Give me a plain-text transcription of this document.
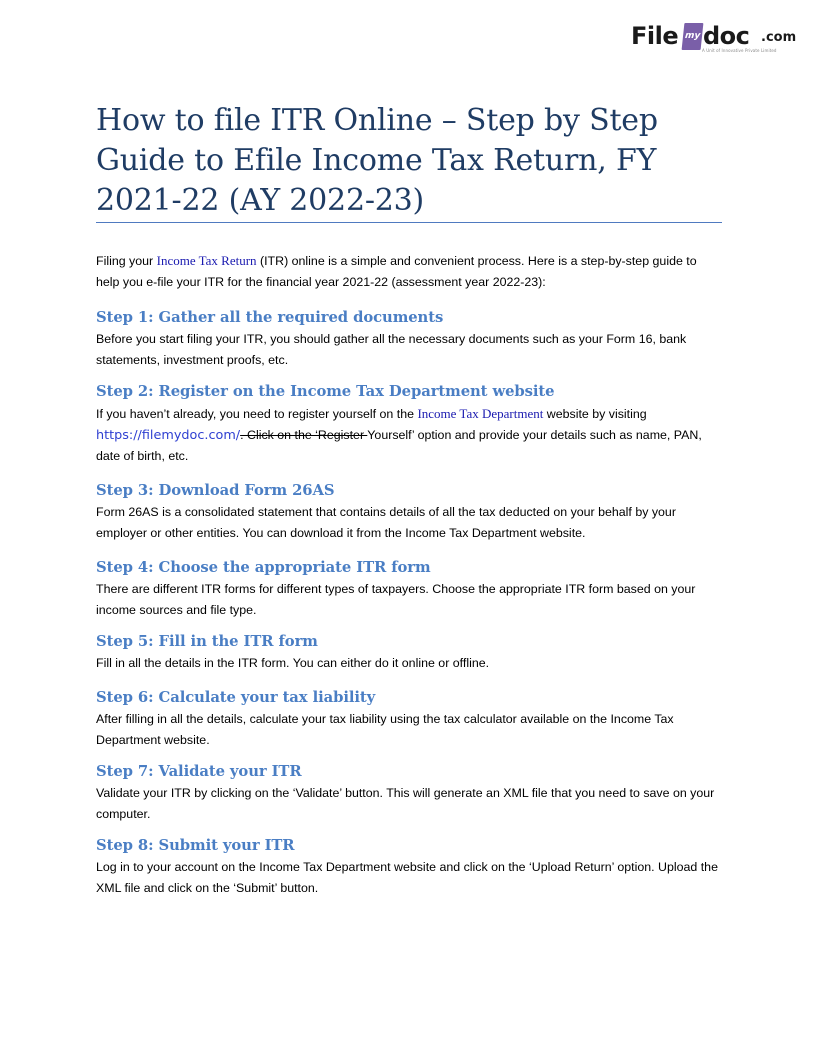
File my doc .com
A Unit of Innovative Private Limited
How to file ITR Online – Step by Step Guide to Efile Income Tax Return, FY 2021-22 (AY 2022-23)

Filing your Income Tax Return (ITR) online is a simple and convenient process. Here is a step-by-step guide to help you e-file your ITR for the financial year 2021-22 (assessment year 2022-23):

Step 1: Gather all the required documents

Before you start filing your ITR, you should gather all the necessary documents such as your Form 16, bank statements, investment proofs, etc.

Step 2: Register on the Income Tax Department website

If you haven’t already, you need to register yourself on the Income Tax Department website by visiting https://filemydoc.com/. Click on the ‘Register Yourself’ option and provide your details such as name, PAN, date of birth, etc.

Step 3: Download Form 26AS

Form 26AS is a consolidated statement that contains details of all the tax deducted on your behalf by your employer or other entities. You can download it from the Income Tax Department website.

Step 4: Choose the appropriate ITR form

There are different ITR forms for different types of taxpayers. Choose the appropriate ITR form based on your income sources and file type.

Step 5: Fill in the ITR form

Fill in all the details in the ITR form. You can either do it online or offline.

Step 6: Calculate your tax liability

After filling in all the details, calculate your tax liability using the tax calculator available on the Income Tax Department website.

Step 7: Validate your ITR

Validate your ITR by clicking on the ‘Validate’ button. This will generate an XML file that you need to save on your computer.

Step 8: Submit your ITR

Log in to your account on the Income Tax Department website and click on the ‘Upload Return’ option. Upload the XML file and click on the ‘Submit’ button.
